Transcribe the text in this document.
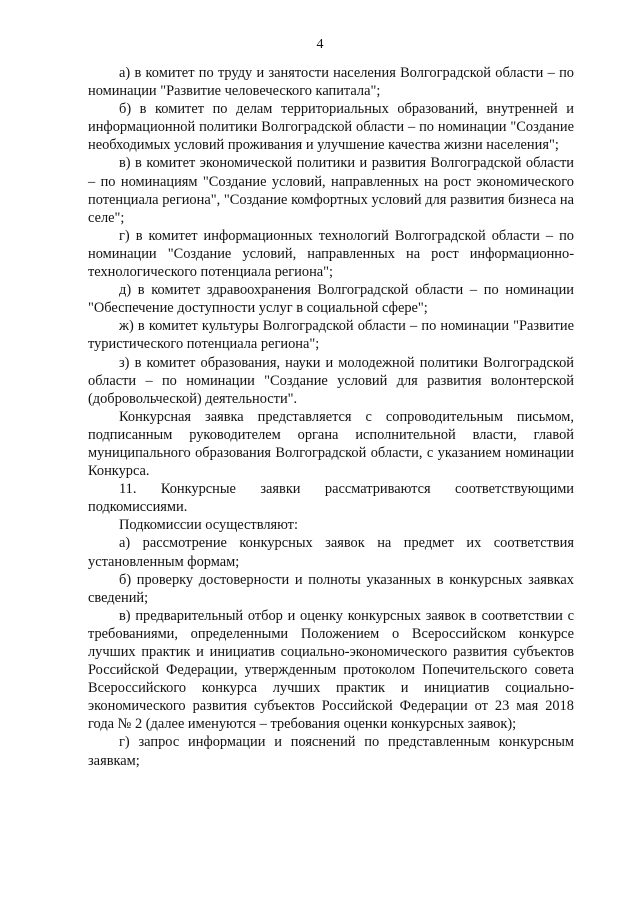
4

а) в комитет по труду и занятости населения Волгоградской области – по номинации "Развитие человеческого капитала";

б) в комитет по делам территориальных образований, внутренней и информационной политики Волгоградской области – по номинации "Создание необходимых условий проживания и улучшение качества жизни населения";

в) в комитет экономической политики и развития Волгоградской области – по номинациям "Создание условий, направленных на рост экономического потенциала региона", "Создание комфортных условий для развития бизнеса на селе";

г) в комитет информационных технологий Волгоградской области – по номинации "Создание условий, направленных на рост информационно-технологического потенциала региона";

д) в комитет здравоохранения Волгоградской области – по номинации "Обеспечение доступности услуг в социальной сфере";

ж) в комитет культуры Волгоградской области – по номинации "Развитие туристического потенциала региона";

з) в комитет образования, науки и молодежной политики Волгоградской области – по номинации "Создание условий для развития волонтерской (добровольческой) деятельности".

Конкурсная заявка представляется с сопроводительным письмом, подписанным руководителем органа исполнительной власти, главой муниципального образования Волгоградской области, с указанием номинации Конкурса.

11. Конкурсные заявки рассматриваются соответствующими подкомиссиями.

Подкомиссии осуществляют:

а) рассмотрение конкурсных заявок на предмет их соответствия установленным формам;

б) проверку достоверности и полноты указанных в конкурсных заявках сведений;

в) предварительный отбор и оценку конкурсных заявок в соответствии с требованиями, определенными Положением о Всероссийском конкурсе лучших практик и инициатив социально-экономического развития субъектов Российской Федерации, утвержденным протоколом Попечительского совета Всероссийского конкурса лучших практик и инициатив социально-экономического развития субъектов Российской Федерации от 23 мая 2018 года № 2 (далее именуются – требования оценки конкурсных заявок);

г) запрос информации и пояснений по представленным конкурсным заявкам;
